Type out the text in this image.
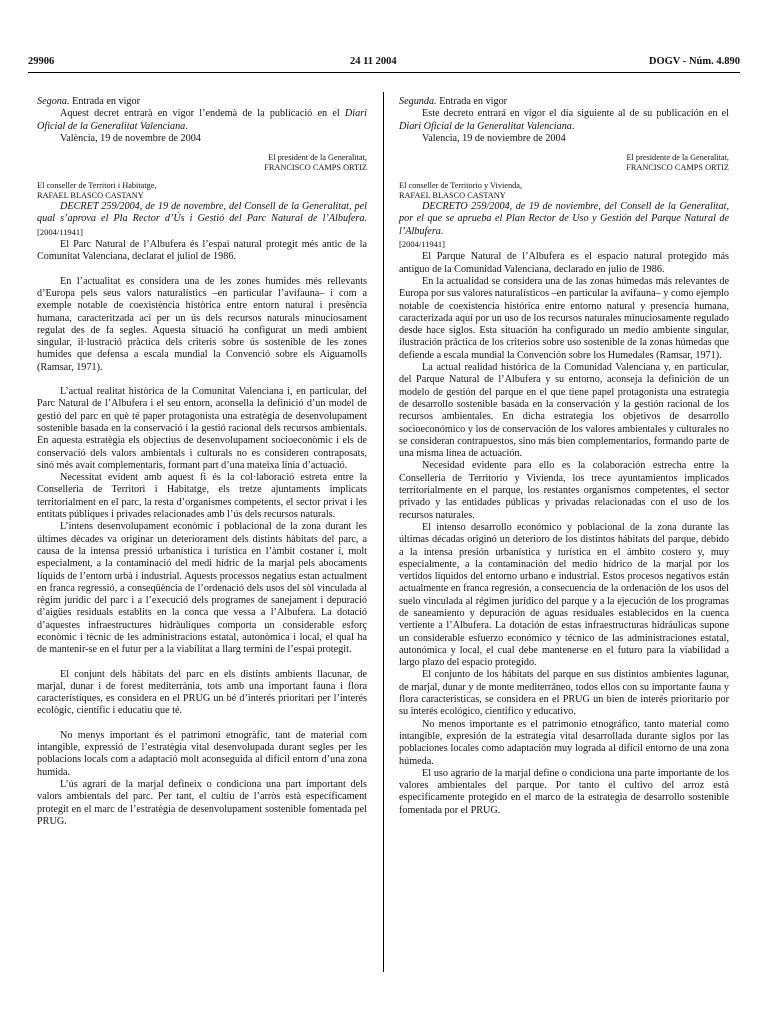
29906	24 11 2004	DOGV - Núm. 4.890

Segona. Entrada en vigor

Aquest decret entrarà en vigor l’endemà de la publicació en el Diari Oficial de la Generalitat Valenciana.

València, 19 de novembre de 2004

El president de la Generalitat,
FRANCISCO CAMPS ORTIZ
El conseller de Territori i Habitatge,
RAFAEL BLASCO CASTANY

DECRET 259/2004, de 19 de novembre, del Consell de la Generalitat, pel qual s’aprova el Pla Rector d’Ús i Gestió del Parc Natural de l’Albufera. [2004/11941]

El Parc Natural de l’Albufera és l’espai natural protegit més antic de la Comunitat Valenciana, declarat el juliol de 1986.

En l’actualitat es considera una de les zones humides més rellevants d’Europa pels seus valors naturalístics –en particular l’avifauna– i com a exemple notable de coexistència històrica entre entorn natural i presència humana, caracteritzada ací per un ús dels recursos naturals minuciosament regulat des de fa segles. Aquesta situació ha configurat un medi ambient singular, il·lustració pràctica dels criteris sobre ús sostenible de les zones humides que defensa a escala mundial la Convenció sobre els Aiguamolls (Ramsar, 1971).

L’actual realitat històrica de la Comunitat Valenciana i, en particular, del Parc Natural de l’Albufera i el seu entorn, aconsella la definició d’un model de gestió del parc en què té paper protagonista una estratègia de desenvolupament sostenible basada en la conservació i la gestió racional dels recursos ambientals. En aquesta estratègia els objectius de desenvolupament socioeconòmic i els de conservació dels valors ambientals i culturals no es consideren contraposats, sinó més avait complementaris, formant part d’una mateixa línia d’actuació.

Necessitat evident amb aquest fi és la col·laboració estreta entre la Conselleria de Territori i Habitatge, els tretze ajuntaments implicats territorialment en el parc, la resta d’organismes competents, el sector privat i les entitats públiques i privades relacionades amb l’ús dels recursos naturals.

L’intens desenvolupament econòmic i poblacional de la zona durant les últimes dècades va originar un deteriorament dels distints hàbitats del parc, a causa de la intensa pressió urbanística i turística en l’àmbit costaner i, molt especialment, a la contaminació del medi hídric de la marjal pels abocaments líquids de l’entorn urbà i industrial. Aquests processos negatius estan actualment en franca regressió, a conseqüència de l’ordenació dels usos del sòl vinculada al règim jurídic del parc i a l’execució dels programes de sanejament i depuració d’aigües residuals establits en la conca que vessa a l’Albufera. La dotació d’aquestes infraestructures hidràuliques comporta un considerable esforç econòmic i tècnic de les administracions estatal, autonòmica i local, el qual ha de mantenir-se en el futur per a la viabilitat a llarg termini de l’espai protegit.

El conjunt dels hàbitats del parc en els distints ambients llacunar, de marjal, dunar i de forest mediterrània, tots amb una important fauna i flora característiques, es considera en el PRUG un bé d’interés prioritari per l’interés ecològic, científic i educatiu que té.

No menys important és el patrimoni etnogràfic, tant de material com intangible, expressió de l’estratègia vital desenvolupada durant segles per les poblacions locals com a adaptació molt aconseguida al difícil entorn d’una zona humida.

L’ús agrari de la marjal defineix o condiciona una part important dels valors ambientals del parc. Per tant, el cultiu de l’arròs està específicament protegit en el marc de l’estratègia de desenvolupament sostenible fomentada pel PRUG.

Segunda. Entrada en vigor

Este decreto entrará en vigor el día siguiente al de su publicación en el Diari Oficial de la Generalitat Valenciana.

Valencia, 19 de noviembre de 2004

El presidente de la Generalitat,
FRANCISCO CAMPS ORTIZ
El conseller de Territorio y Vivienda,
RAFAEL BLASCO CASTANY

DECRETO 259/2004, de 19 de noviembre, del Consell de la Generalitat, por el que se aprueba el Plan Rector de Uso y Gestión del Parque Natural de l’Albufera.
[2004/11941]

El Parque Natural de l’Albufera es el espacio natural protegido más antiguo de la Comunidad Valenciana, declarado en julio de 1986.

En la actualidad se considera una de las zonas húmedas más relevantes de Europa por sus valores naturalísticos –en particular la avifauna– y como ejemplo notable de coexistencia histórica entre entorno natural y presencia humana, caracterizada aquí por un uso de los recursos naturales minuciosamente regulado desde hace siglos. Esta situación ha configurado un medio ambiente singular, ilustración práctica de los criterios sobre uso sostenible de la zonas húmedas que defiende a escala mundial la Convención sobre los Humedales (Ramsar, 1971).

La actual realidad histórica de la Comunidad Valenciana y, en particular, del Parque Natural de l’Albufera y su entorno, aconseja la definición de un modelo de gestión del parque en el que tiene papel protagonista una estrategia de desarrollo sostenible basada en la conservación y la gestión racional de los recursos ambientales. En dicha estrategia los objetivos de desarrollo socioeconómico y los de conservación de los valores ambientales y culturales no se consideran contrapuestos, sino más bien complementarios, formando parte de una misma línea de actuación.

Necesidad evidente para ello es la colaboración estrecha entre la Conselleria de Territorio y Vivienda, los trece ayuntamientos implicados territorialmente en el parque, los restantes organismos competentes, el sector privado y las entidades públicas y privadas relacionadas con el uso de los recursos naturales.

El intenso desarrollo económico y poblacional de la zona durante las últimas décadas originó un deterioro de los distintos hábitats del parque, debido a la intensa presión urbanística y turística en el ámbito costero y, muy especialmente, a la contaminación del medio hídrico de la marjal por los vertidos líquidos del entorno urbano e industrial. Estos procesos negativos están actualmente en franca regresión, a consecuencia de la ordenación de los usos del suelo vinculada al régimen jurídico del parque y a la ejecución de los programas de saneamiento y depuración de aguas residuales establecidos en la cuenca vertiente a l’Albufera. La dotación de estas infraestructuras hidráulicas supone un considerable esfuerzo económico y técnico de las administraciones estatal, autonómica y local, el cual debe mantenerse en el futuro para la viabilidad a largo plazo del espacio protegido.

El conjunto de los hábitats del parque en sus distintos ambientes lagunar, de marjal, dunar y de monte mediterráneo, todos ellos con su importante fauna y flora características, se considera en el PRUG un bien de interés prioritario por su interés ecológico, científico y educativo.

No menos importante es el patrimonio etnográfico, tanto material como intangible, expresión de la estrategia vital desarrollada durante siglos por las poblaciones locales como adaptación muy lograda al difícil entorno de una zona húmeda.

El uso agrario de la marjal define o condiciona una parte importante de los valores ambientales del parque. Por tanto el cultivo del arroz está específicamente protegido en el marco de la estrategia de desarrollo sostenible fomentada por el PRUG.
